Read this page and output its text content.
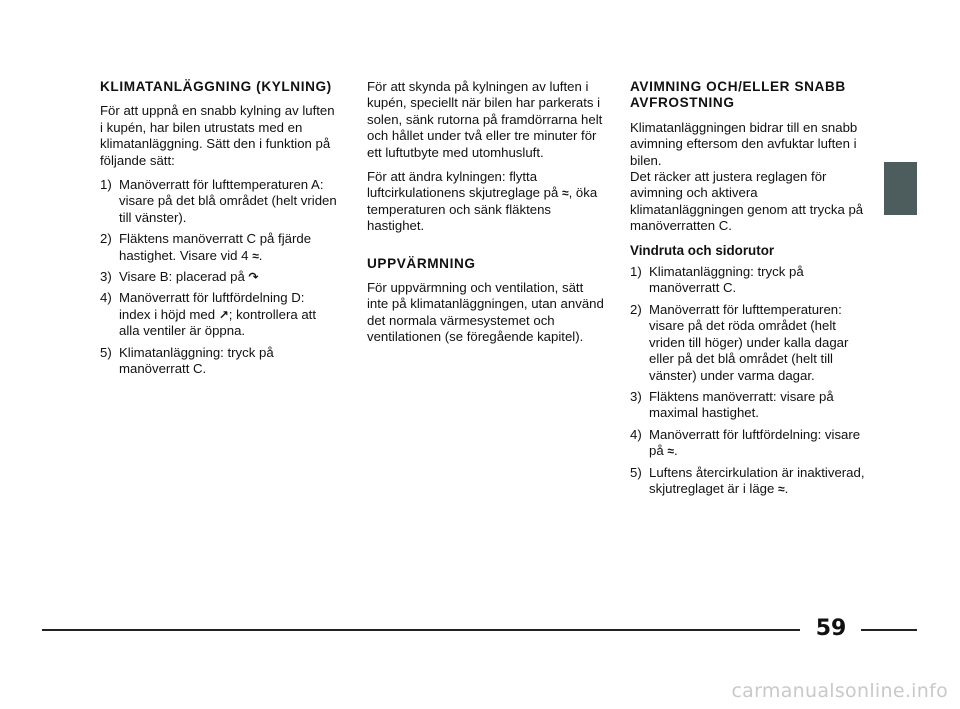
KLIMATANLÄGGNING (KYLNING)

För att uppnå en snabb kylning av luften i kupén, har bilen utrustats med en klimatanläggning. Sätt den i funktion på följande sätt:

1) Manöverratt för lufttemperaturen A: visare på det blå området (helt vriden till vänster).
2) Fläktens manöverratt C på fjärde hastighet. Visare vid 4 ≈.
3) Visare B: placerad på ↷
4) Manöverratt för luftfördelning D: index i höjd med ↗; kontrollera att alla ventiler är öppna.
5) Klimatanläggning: tryck på manöverratt C.

För att skynda på kylningen av luften i kupén, speciellt när bilen har parkerats i solen, sänk rutorna på framdörrarna helt och hållet under två eller tre minuter för ett luftutbyte med utomhusluft.

För att ändra kylningen: flytta luftcirkulationens skjutreglage på ≈, öka temperaturen och sänk fläktens hastighet.

UPPVÄRMNING

För uppvärmning och ventilation, sätt inte på klimatanläggningen, utan använd det normala värmesystemet och ventilationen (se föregående kapitel).

AVIMNING OCH/ELLER SNABB AVFROSTNING

Klimatanläggningen bidrar till en snabb avimning eftersom den avfuktar luften i bilen.
Det räcker att justera reglagen för avimning och aktivera klimatanläggningen genom att trycka på manöverratten C.

Vindruta och sidorutor
1) Klimatanläggning: tryck på manöverratt C.
2) Manöverratt för lufttemperaturen: visare på det röda området (helt vriden till höger) under kalla dagar eller på det blå området (helt till vänster) under varma dagar.
3) Fläktens manöverratt: visare på maximal hastighet.
4) Manöverratt för luftfördelning: visare på ≈.
5) Luftens återcirkulation är inaktiverad, skjutreglaget är i läge ≈.
59
carmanualsonline.info
